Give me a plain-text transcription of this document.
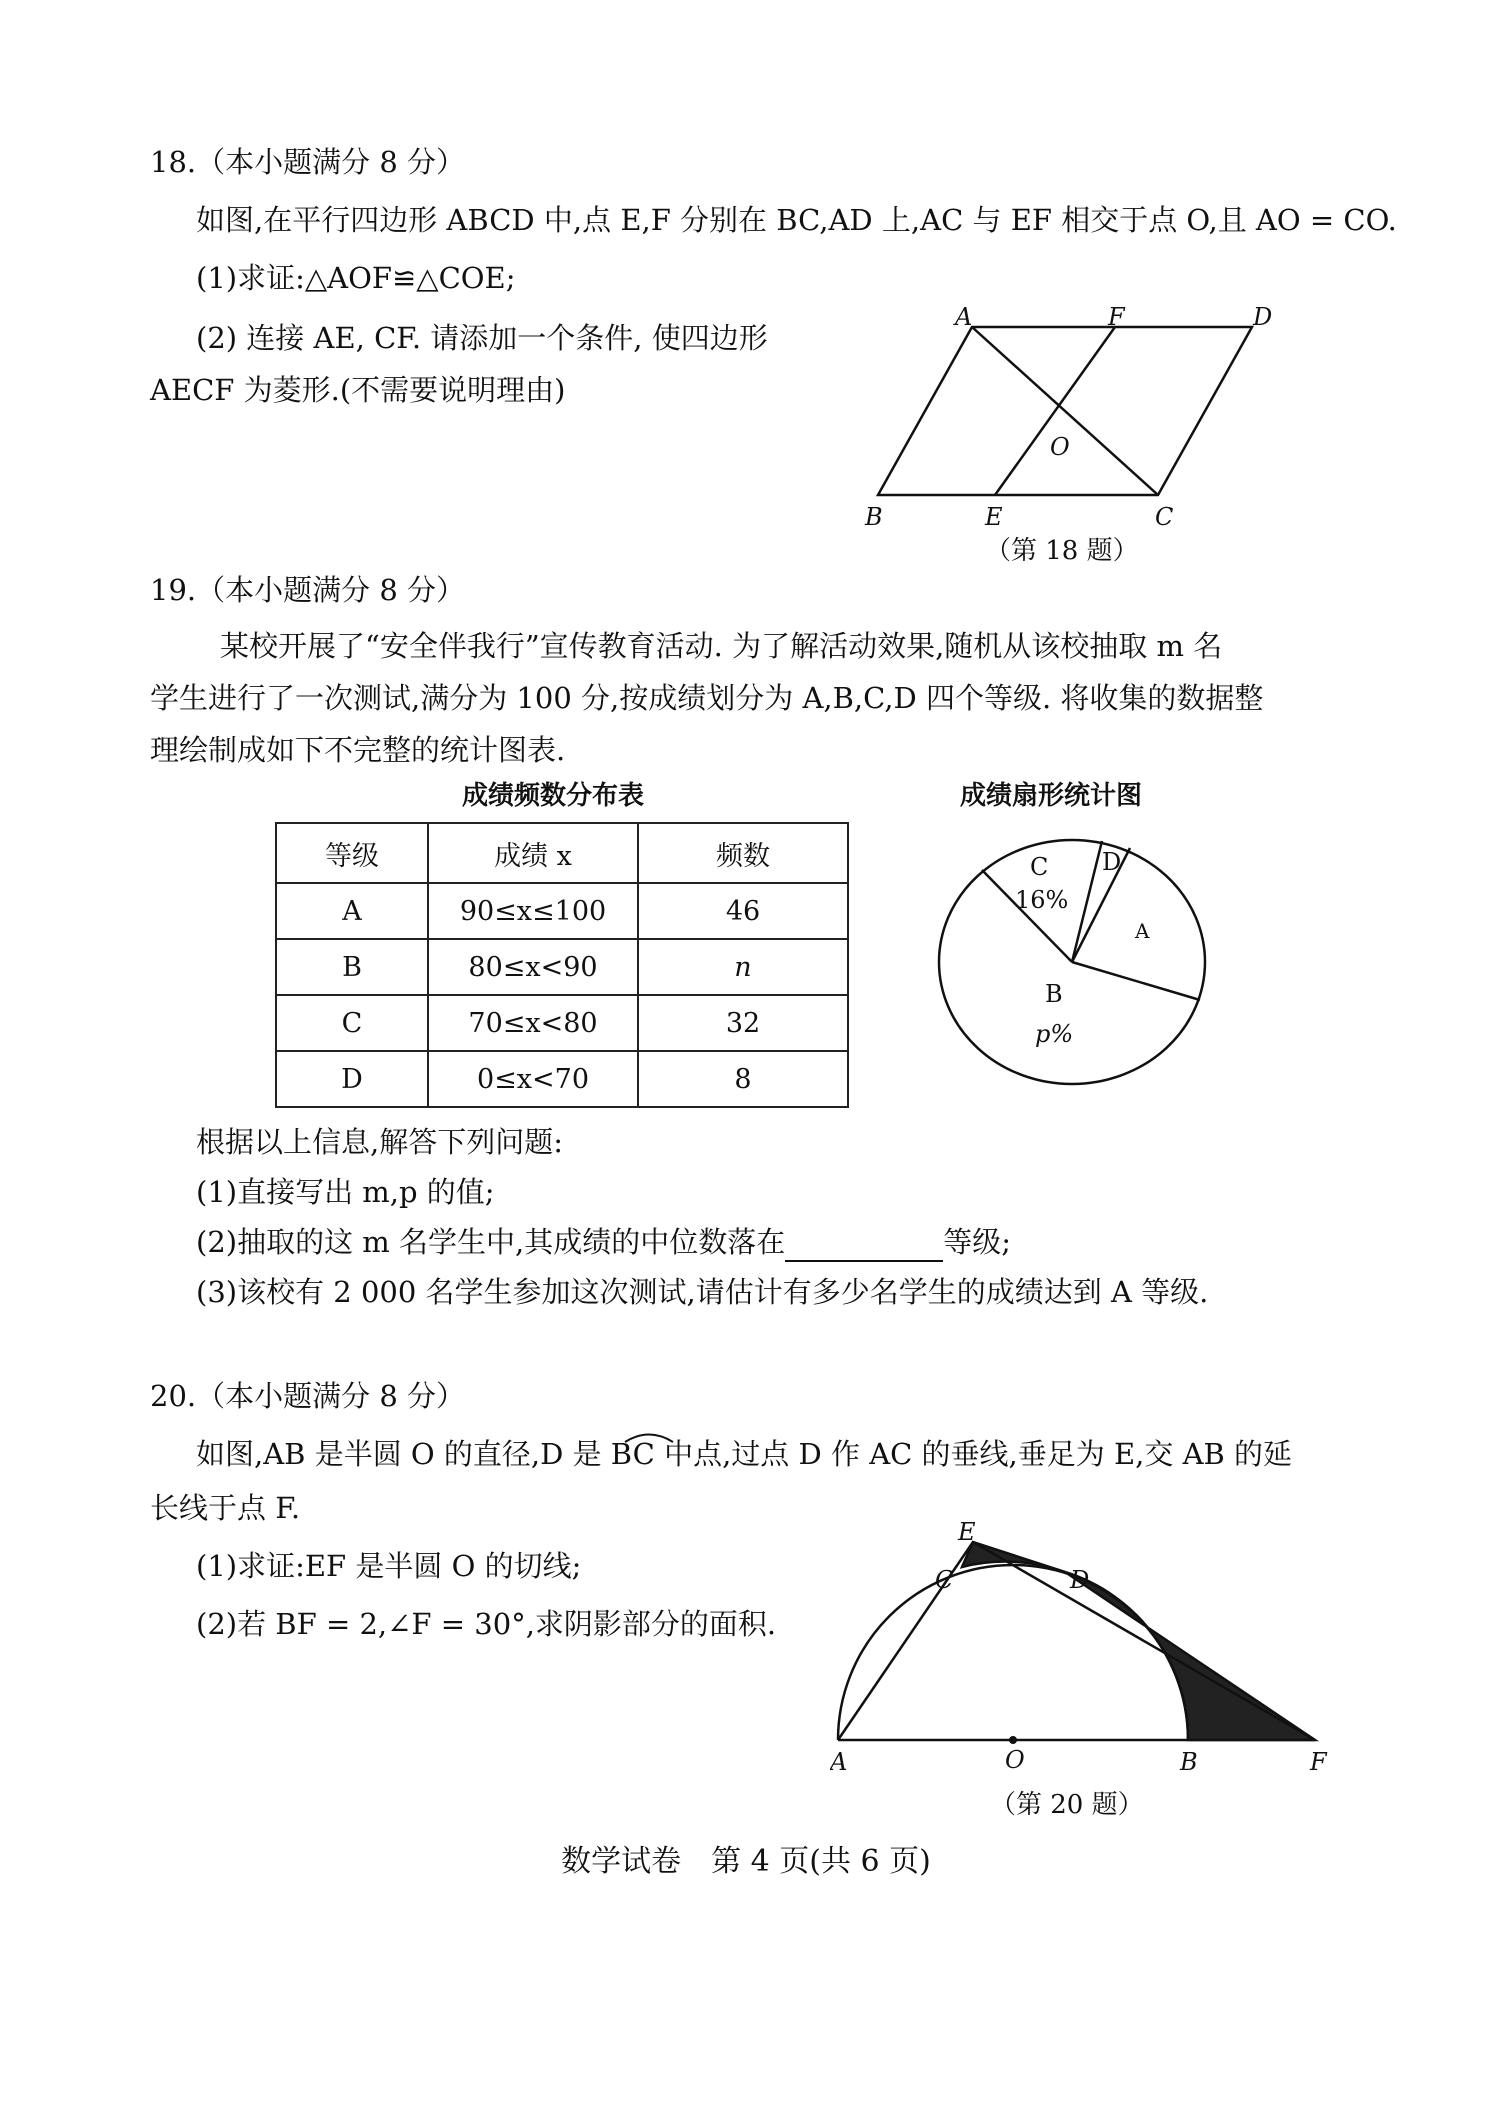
18.（本小题满分 8 分）
如图,在平行四边形 ABCD 中,点 E,F 分别在 BC,AD 上,AC 与 EF 相交于点 O,且 AO = CO.
(1)求证:△AOF≌△COE;
(2) 连接 AE, CF. 请添加一个条件, 使四边形
AECF 为菱形.(不需要说明理由)
A	F	D
O
B	E	C
（第 18 题）
19.（本小题满分 8 分）
某校开展了“安全伴我行”宣传教育活动. 为了解活动效果,随机从该校抽取 m 名
学生进行了一次测试,满分为 100 分,按成绩划分为 A,B,C,D 四个等级. 将收集的数据整
理绘制成如下不完整的统计图表.
成绩频数分布表	成绩扇形统计图
等级	成绩 x	频数
A	90≤x≤100	46
B	80≤x<90	n
C	70≤x<80	32
D	0≤x<70	8
C
16%
D
A
B
p%
根据以上信息,解答下列问题:
(1)直接写出 m,p 的值;
(2)抽取的这 m 名学生中,其成绩的中位数落在	等级;
(3)该校有 2 000 名学生参加这次测试,请估计有多少名学生的成绩达到 A 等级.
20.（本小题满分 8 分）
如图,AB 是半圆 O 的直径,D 是 BC 中点,过点 D 作 AC 的垂线,垂足为 E,交 AB 的延
长线于点 F.
(1)求证:EF 是半圆 O 的切线;
(2)若 BF = 2,∠F = 30°,求阴影部分的面积.
E
C	D
A	O	B	F
（第 20 题）
数学试卷　第 4 页(共 6 页)
